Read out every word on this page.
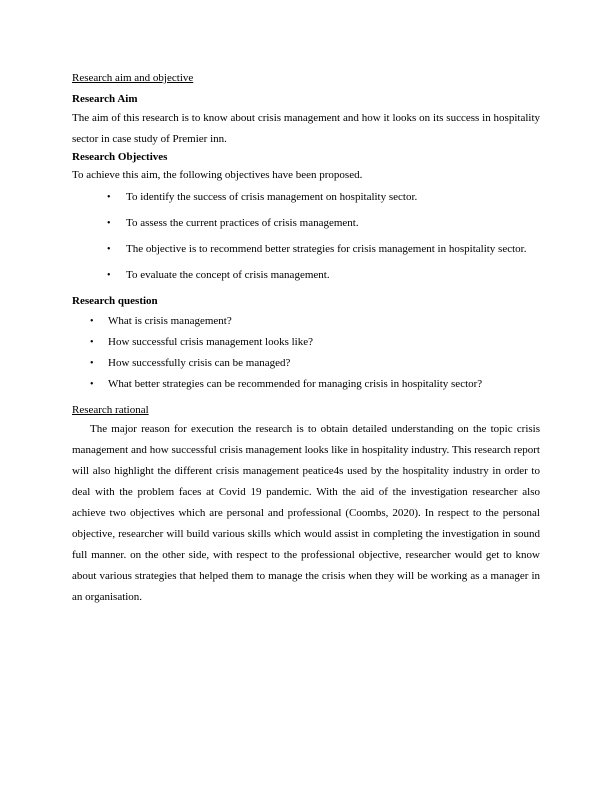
Research aim and objective
Research Aim
The aim of this research is to know about crisis management and how it looks on its success in hospitality sector in case study of Premier inn.
Research Objectives
To achieve this aim, the following objectives have been proposed.
• To identify the success of crisis management on hospitality sector.
• To assess the current practices of crisis management.
• The objective is to recommend better strategies for crisis management in hospitality sector.
• To evaluate the concept of crisis management.
Research question
• What is crisis management?
• How successful crisis management looks like?
• How successfully crisis can be managed?
• What better strategies can be recommended for managing crisis in hospitality sector?
Research rational
The major reason for execution the research is to obtain detailed understanding on the topic crisis management and how successful crisis management looks like in hospitality industry. This research report will also highlight the different crisis management peatice4s used by the hospitality industry in order to deal with the problem faces at Covid 19 pandemic. With the aid of the investigation researcher also achieve two objectives which are personal and professional (Coombs, 2020). In respect to the personal objective, researcher will build various skills which would assist in completing the investigation in sound full manner. on the other side, with respect to the professional objective, researcher would get to know about various strategies that helped them to manage the crisis when they will be working as a manager in an organisation.
